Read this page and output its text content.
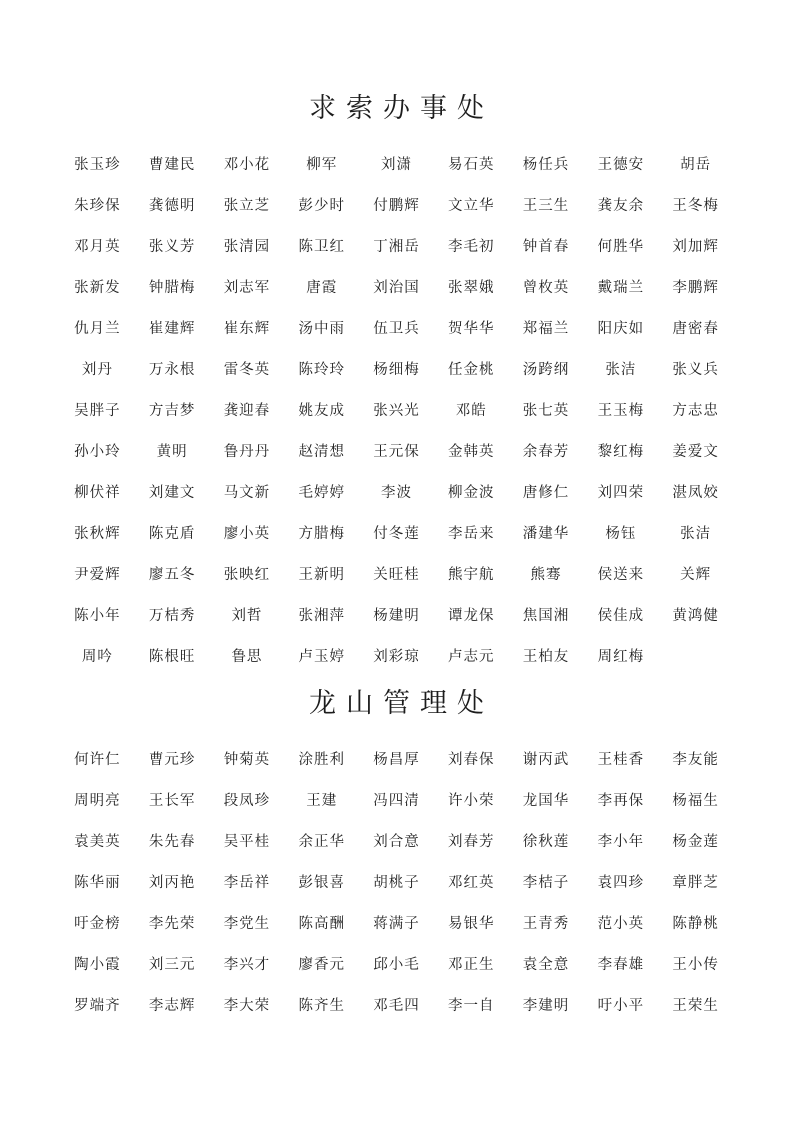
求索办事处
张玉珍	曹建民	邓小花	柳军	刘潇	易石英	杨任兵	王德安	胡岳
朱珍保	龚德明	张立芝	彭少时	付鹏辉	文立华	王三生	龚友余	王冬梅
邓月英	张义芳	张清园	陈卫红	丁湘岳	李毛初	钟首春	何胜华	刘加辉
张新发	钟腊梅	刘志军	唐霞	刘治国	张翠娥	曾枚英	戴瑞兰	李鹏辉
仇月兰	崔建辉	崔东辉	汤中雨	伍卫兵	贺华华	郑福兰	阳庆如	唐密春
刘丹	万永根	雷冬英	陈玲玲	杨细梅	任金桃	汤跨纲	张洁	张义兵
吴胖子	方吉梦	龚迎春	姚友成	张兴光	邓皓	张七英	王玉梅	方志忠
孙小玲	黄明	鲁丹丹	赵清想	王元保	金韩英	余春芳	黎红梅	姜爱文
柳伏祥	刘建文	马文新	毛婷婷	李波	柳金波	唐修仁	刘四荣	湛凤姣
张秋辉	陈克盾	廖小英	方腊梅	付冬莲	李岳来	潘建华	杨钰	张洁
尹爱辉	廖五冬	张映红	王新明	关旺桂	熊宇航	熊骞	侯送来	关辉
陈小年	万桔秀	刘哲	张湘萍	杨建明	谭龙保	焦国湘	侯佳成	黄鸿健
周吟	陈根旺	鲁思	卢玉婷	刘彩琼	卢志元	王柏友	周红梅
龙山管理处
何许仁	曹元珍	钟菊英	涂胜利	杨昌厚	刘春保	谢丙武	王桂香	李友能
周明亮	王长军	段凤珍	王建	冯四清	许小荣	龙国华	李再保	杨福生
袁美英	朱先春	吴平桂	余正华	刘合意	刘春芳	徐秋莲	李小年	杨金莲
陈华丽	刘丙艳	李岳祥	彭银喜	胡桃子	邓红英	李桔子	袁四珍	章胖芝
吁金榜	李先荣	李党生	陈高酬	蒋满子	易银华	王青秀	范小英	陈静桃
陶小霞	刘三元	李兴才	廖香元	邱小毛	邓正生	袁全意	李春雄	王小传
罗端齐	李志辉	李大荣	陈齐生	邓毛四	李一自	李建明	吁小平	王荣生
